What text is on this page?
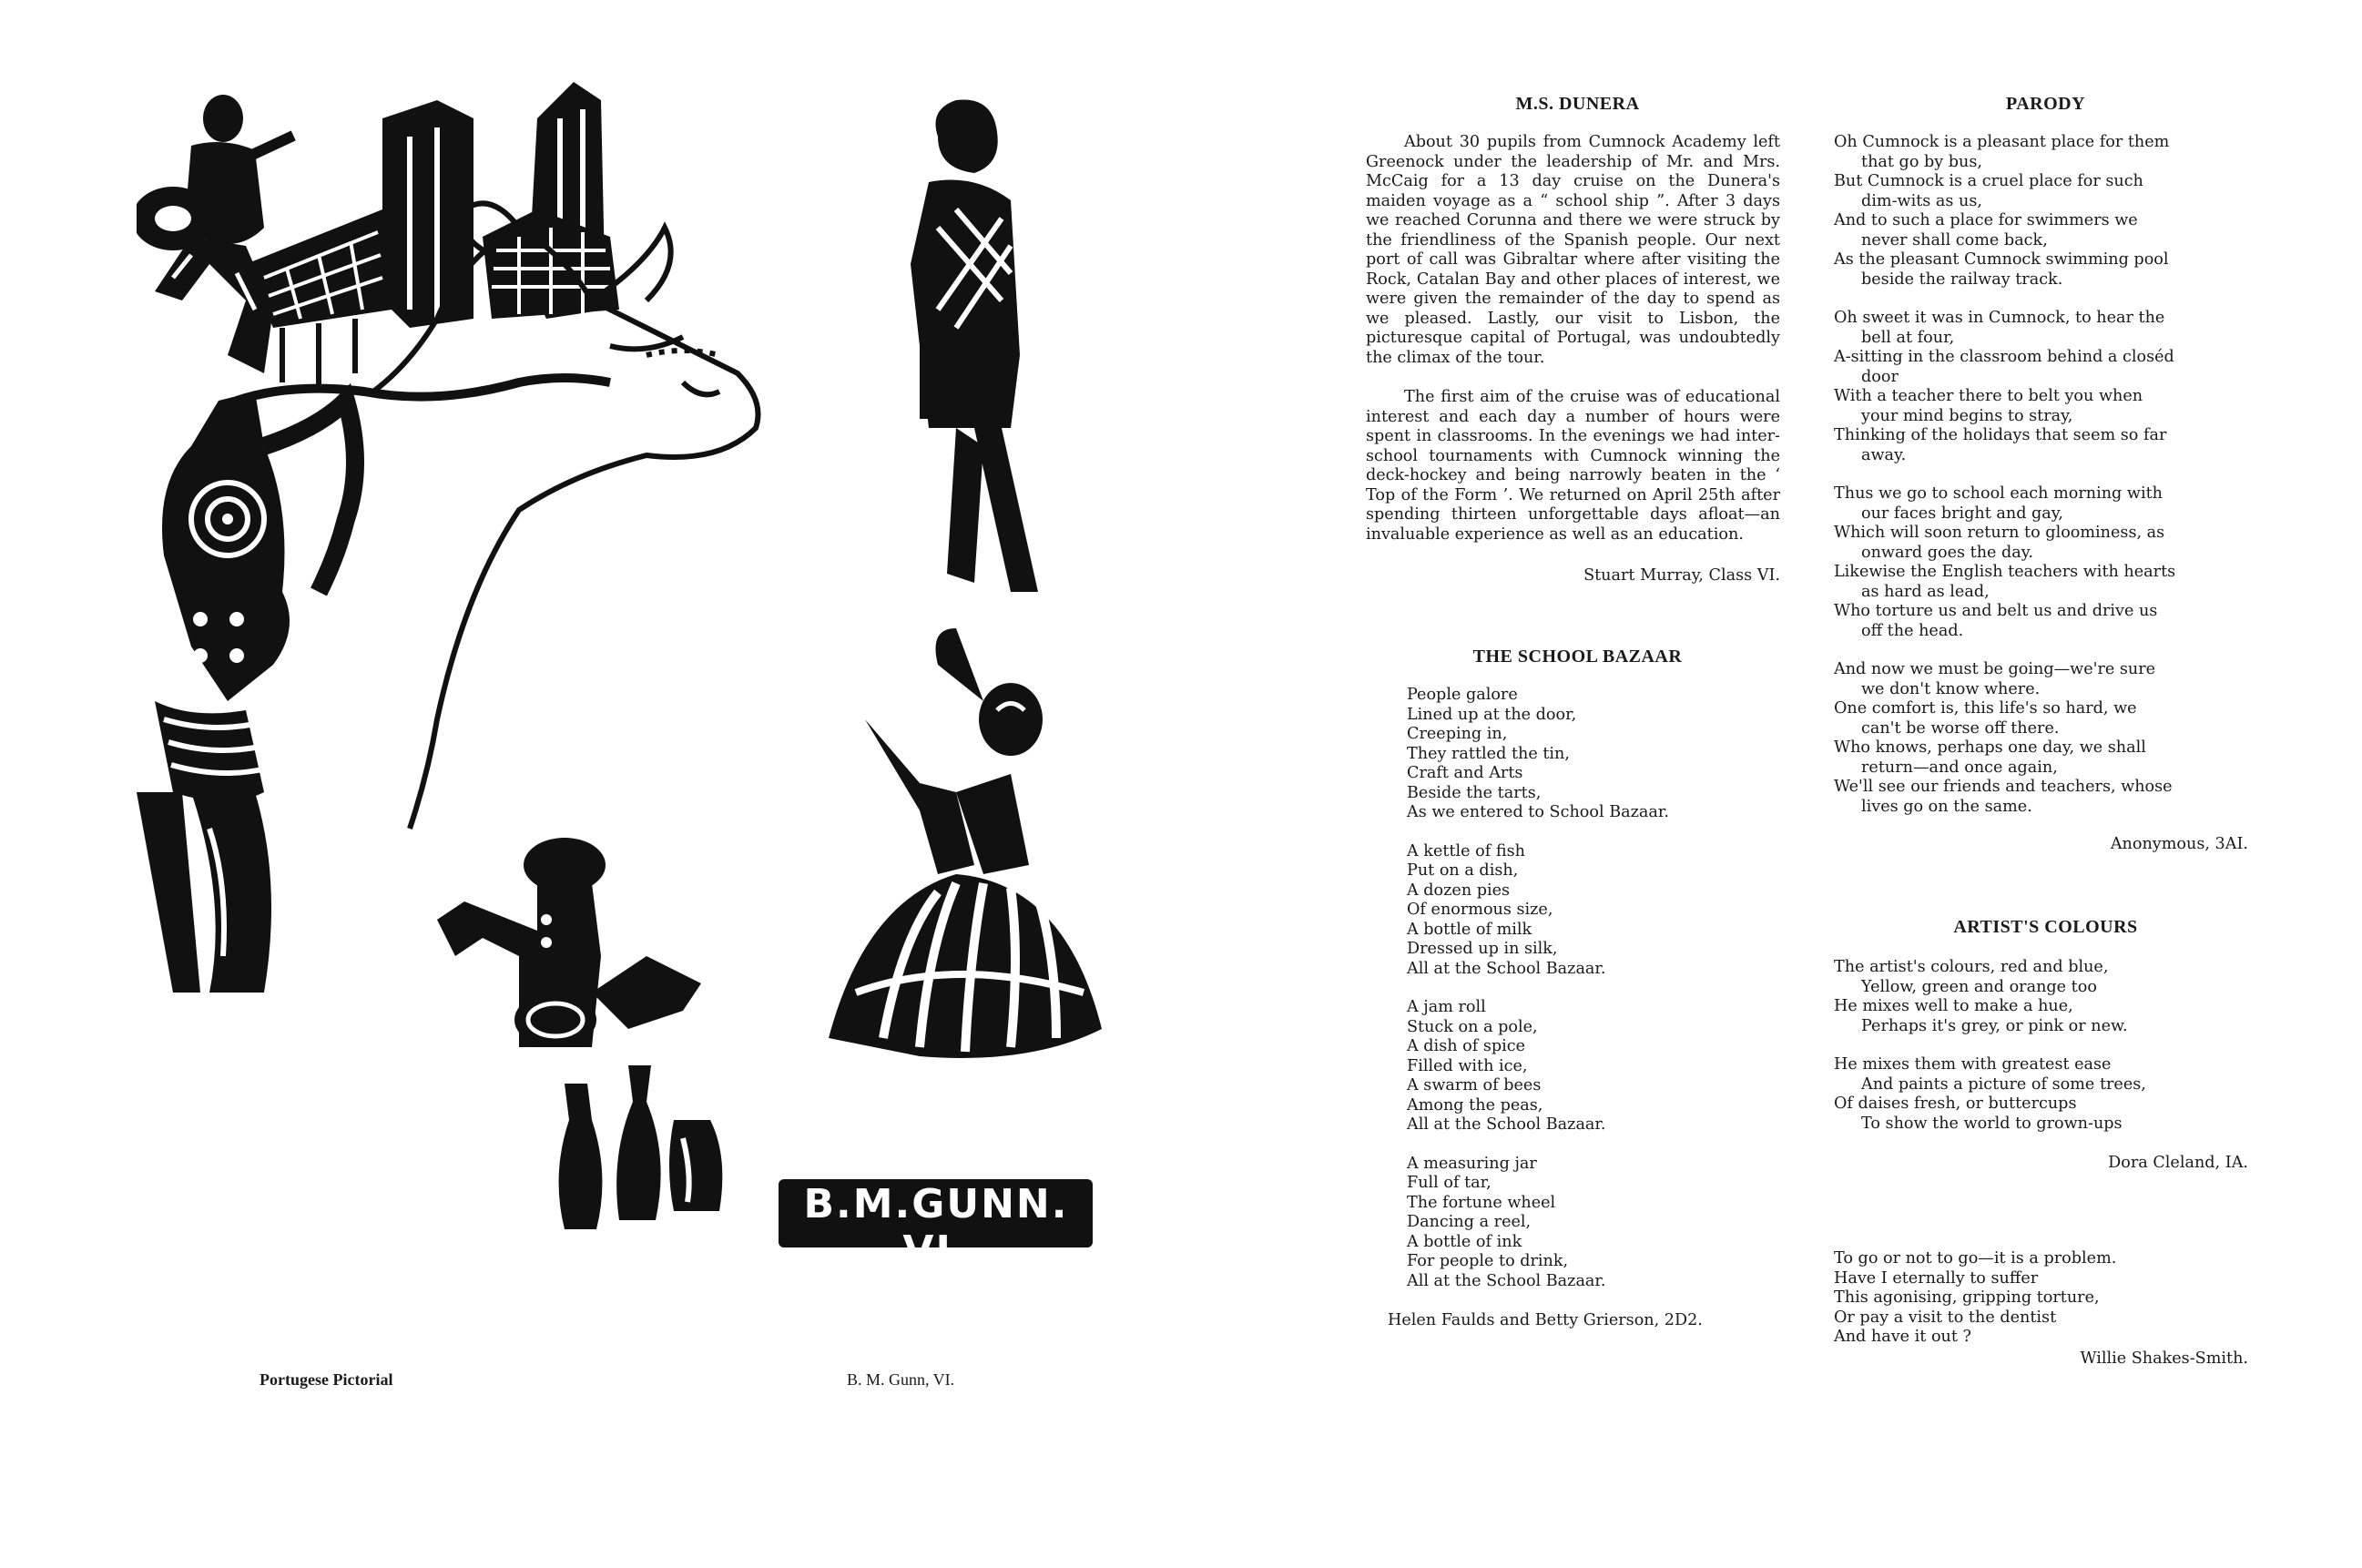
B.M.GUNN. VI.
Portugese Pictorial	B. M. Gunn, VI.
M.S. DUNERA

About 30 pupils from Cumnock Academy left Greenock under the leadership of Mr. and Mrs. McCaig for a 13 day cruise on the Dunera's maiden voyage as a “ school ship ”. After 3 days we reached Corunna and there we were struck by the friendliness of the Spanish people. Our next port of call was Gibraltar where after visiting the Rock, Catalan Bay and other places of interest, we were given the remainder of the day to spend as we pleased. Lastly, our visit to Lisbon, the picturesque capital of Portugal, was undoubtedly the climax of the tour.

The first aim of the cruise was of educational interest and each day a number of hours were spent in classrooms. In the evenings we had inter-school tournaments with Cumnock winning the deck-hockey and being narrowly beaten in the ‘ Top of the Form ’. We returned on April 25th after spending thirteen unforgettable days afloat—an invaluable experience as well as an education.

Stuart Murray, Class VI.
THE SCHOOL BAZAAR

People galore

Lined up at the door,

Creeping in,

They rattled the tin,

Craft and Arts

Beside the tarts,

As we entered to School Bazaar.

A kettle of fish

Put on a dish,

A dozen pies

Of enormous size,

A bottle of milk

Dressed up in silk,

All at the School Bazaar.

A jam roll

Stuck on a pole,

A dish of spice

Filled with ice,

A swarm of bees

Among the peas,

All at the School Bazaar.

A measuring jar

Full of tar,

The fortune wheel

Dancing a reel,

A bottle of ink

For people to drink,

All at the School Bazaar.

Helen Faulds and Betty Grierson, 2D2.
PARODY

Oh Cumnock is a pleasant place for them

that go by bus,

But Cumnock is a cruel place for such

dim-wits as us,

And to such a place for swimmers we

never shall come back,

As the pleasant Cumnock swimming pool

beside the railway track.

Oh sweet it was in Cumnock, to hear the

bell at four,

A-sitting in the classroom behind a closéd

door

With a teacher there to belt you when

your mind begins to stray,

Thinking of the holidays that seem so far

away.

Thus we go to school each morning with

our faces bright and gay,

Which will soon return to gloominess, as

onward goes the day.

Likewise the English teachers with hearts

as hard as lead,

Who torture us and belt us and drive us

off the head.

And now we must be going—we're sure

we don't know where.

One comfort is, this life's so hard, we

can't be worse off there.

Who knows, perhaps one day, we shall

return—and once again,

We'll see our friends and teachers, whose

lives go on the same.

Anonymous, 3AI.
ARTIST'S COLOURS

The artist's colours, red and blue,

Yellow, green and orange too

He mixes well to make a hue,

Perhaps it's grey, or pink or new.

He mixes them with greatest ease

And paints a picture of some trees,

Of daises fresh, or buttercups

To show the world to grown-ups

Dora Cleland, IA.

To go or not to go—it is a problem.

Have I eternally to suffer

This agonising, gripping torture,

Or pay a visit to the dentist

And have it out ?

Willie Shakes-Smith.
